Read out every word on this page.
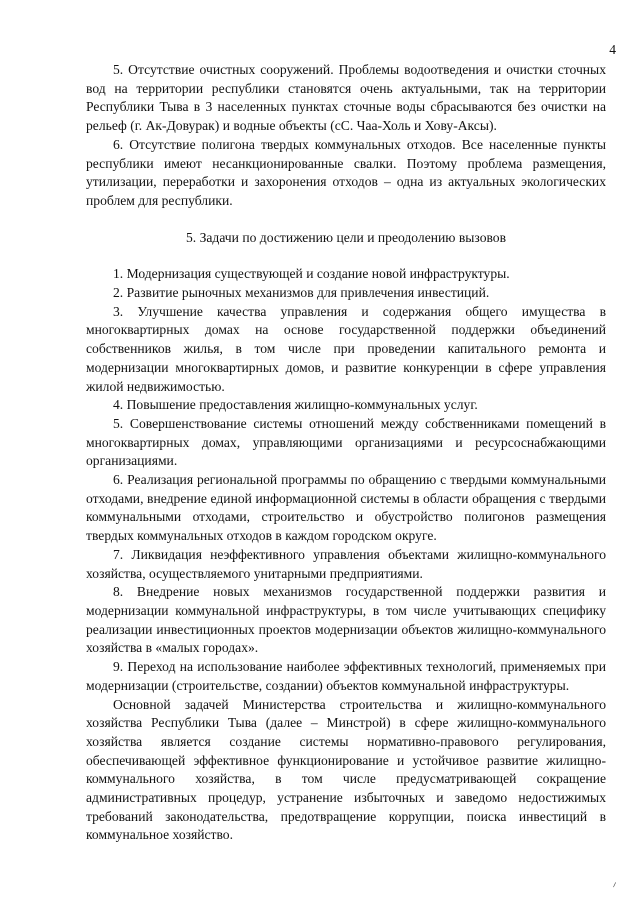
4

5. Отсутствие очистных сооружений. Проблемы водоотведения и очистки сточных вод на территории республики становятся очень актуальными, так на территории Республики Тыва в 3 населенных пунктах сточные воды сбрасываются без очистки на рельеф (г. Ак-Довурак) и водные объекты (сС. Чаа-Холь и Хову-Аксы).

6. Отсутствие полигона твердых коммунальных отходов. Все населенные пункты республики имеют несанкционированные свалки. Поэтому проблема размещения, утилизации, переработки и захоронения отходов – одна из актуальных экологических проблем для республики.

5. Задачи по достижению цели и преодолению вызовов

1. Модернизация существующей и создание новой инфраструктуры.

2. Развитие рыночных механизмов для привлечения инвестиций.

3. Улучшение качества управления и содержания общего имущества в многоквартирных домах на основе государственной поддержки объединений собственников жилья, в том числе при проведении капитального ремонта и модернизации многоквартирных домов, и развитие конкуренции в сфере управления жилой недвижимостью.

4. Повышение предоставления жилищно-коммунальных услуг.

5. Совершенствование системы отношений между собственниками помещений в многоквартирных домах, управляющими организациями и ресурсоснабжающими организациями.

6. Реализация региональной программы по обращению с твердыми коммунальными отходами, внедрение единой информационной системы в области обращения с твердыми коммунальными отходами, строительство и обустройство полигонов размещения твердых коммунальных отходов в каждом городском округе.

7. Ликвидация неэффективного управления объектами жилищно-коммунального хозяйства, осуществляемого унитарными предприятиями.

8. Внедрение новых механизмов государственной поддержки развития и модернизации коммунальной инфраструктуры, в том числе учитывающих специфику реализации инвестиционных проектов модернизации объектов жилищно-коммунального хозяйства в «малых городах».

9. Переход на использование наиболее эффективных технологий, применяемых при модернизации (строительстве, создании) объектов коммунальной инфраструктуры.

Основной задачей Министерства строительства и жилищно-коммунального хозяйства Республики Тыва (далее – Минстрой) в сфере жилищно-коммунального хозяйства является создание системы нормативно-правового регулирования, обеспечивающей эффективное функционирование и устойчивое развитие жилищно-коммунального хозяйства, в том числе предусматривающей сокращение административных процедур, устранение избыточных и заведомо недостижимых требований законодательства, предотвращение коррупции, поиска инвестиций в коммунальное хозяйство.

⸝
